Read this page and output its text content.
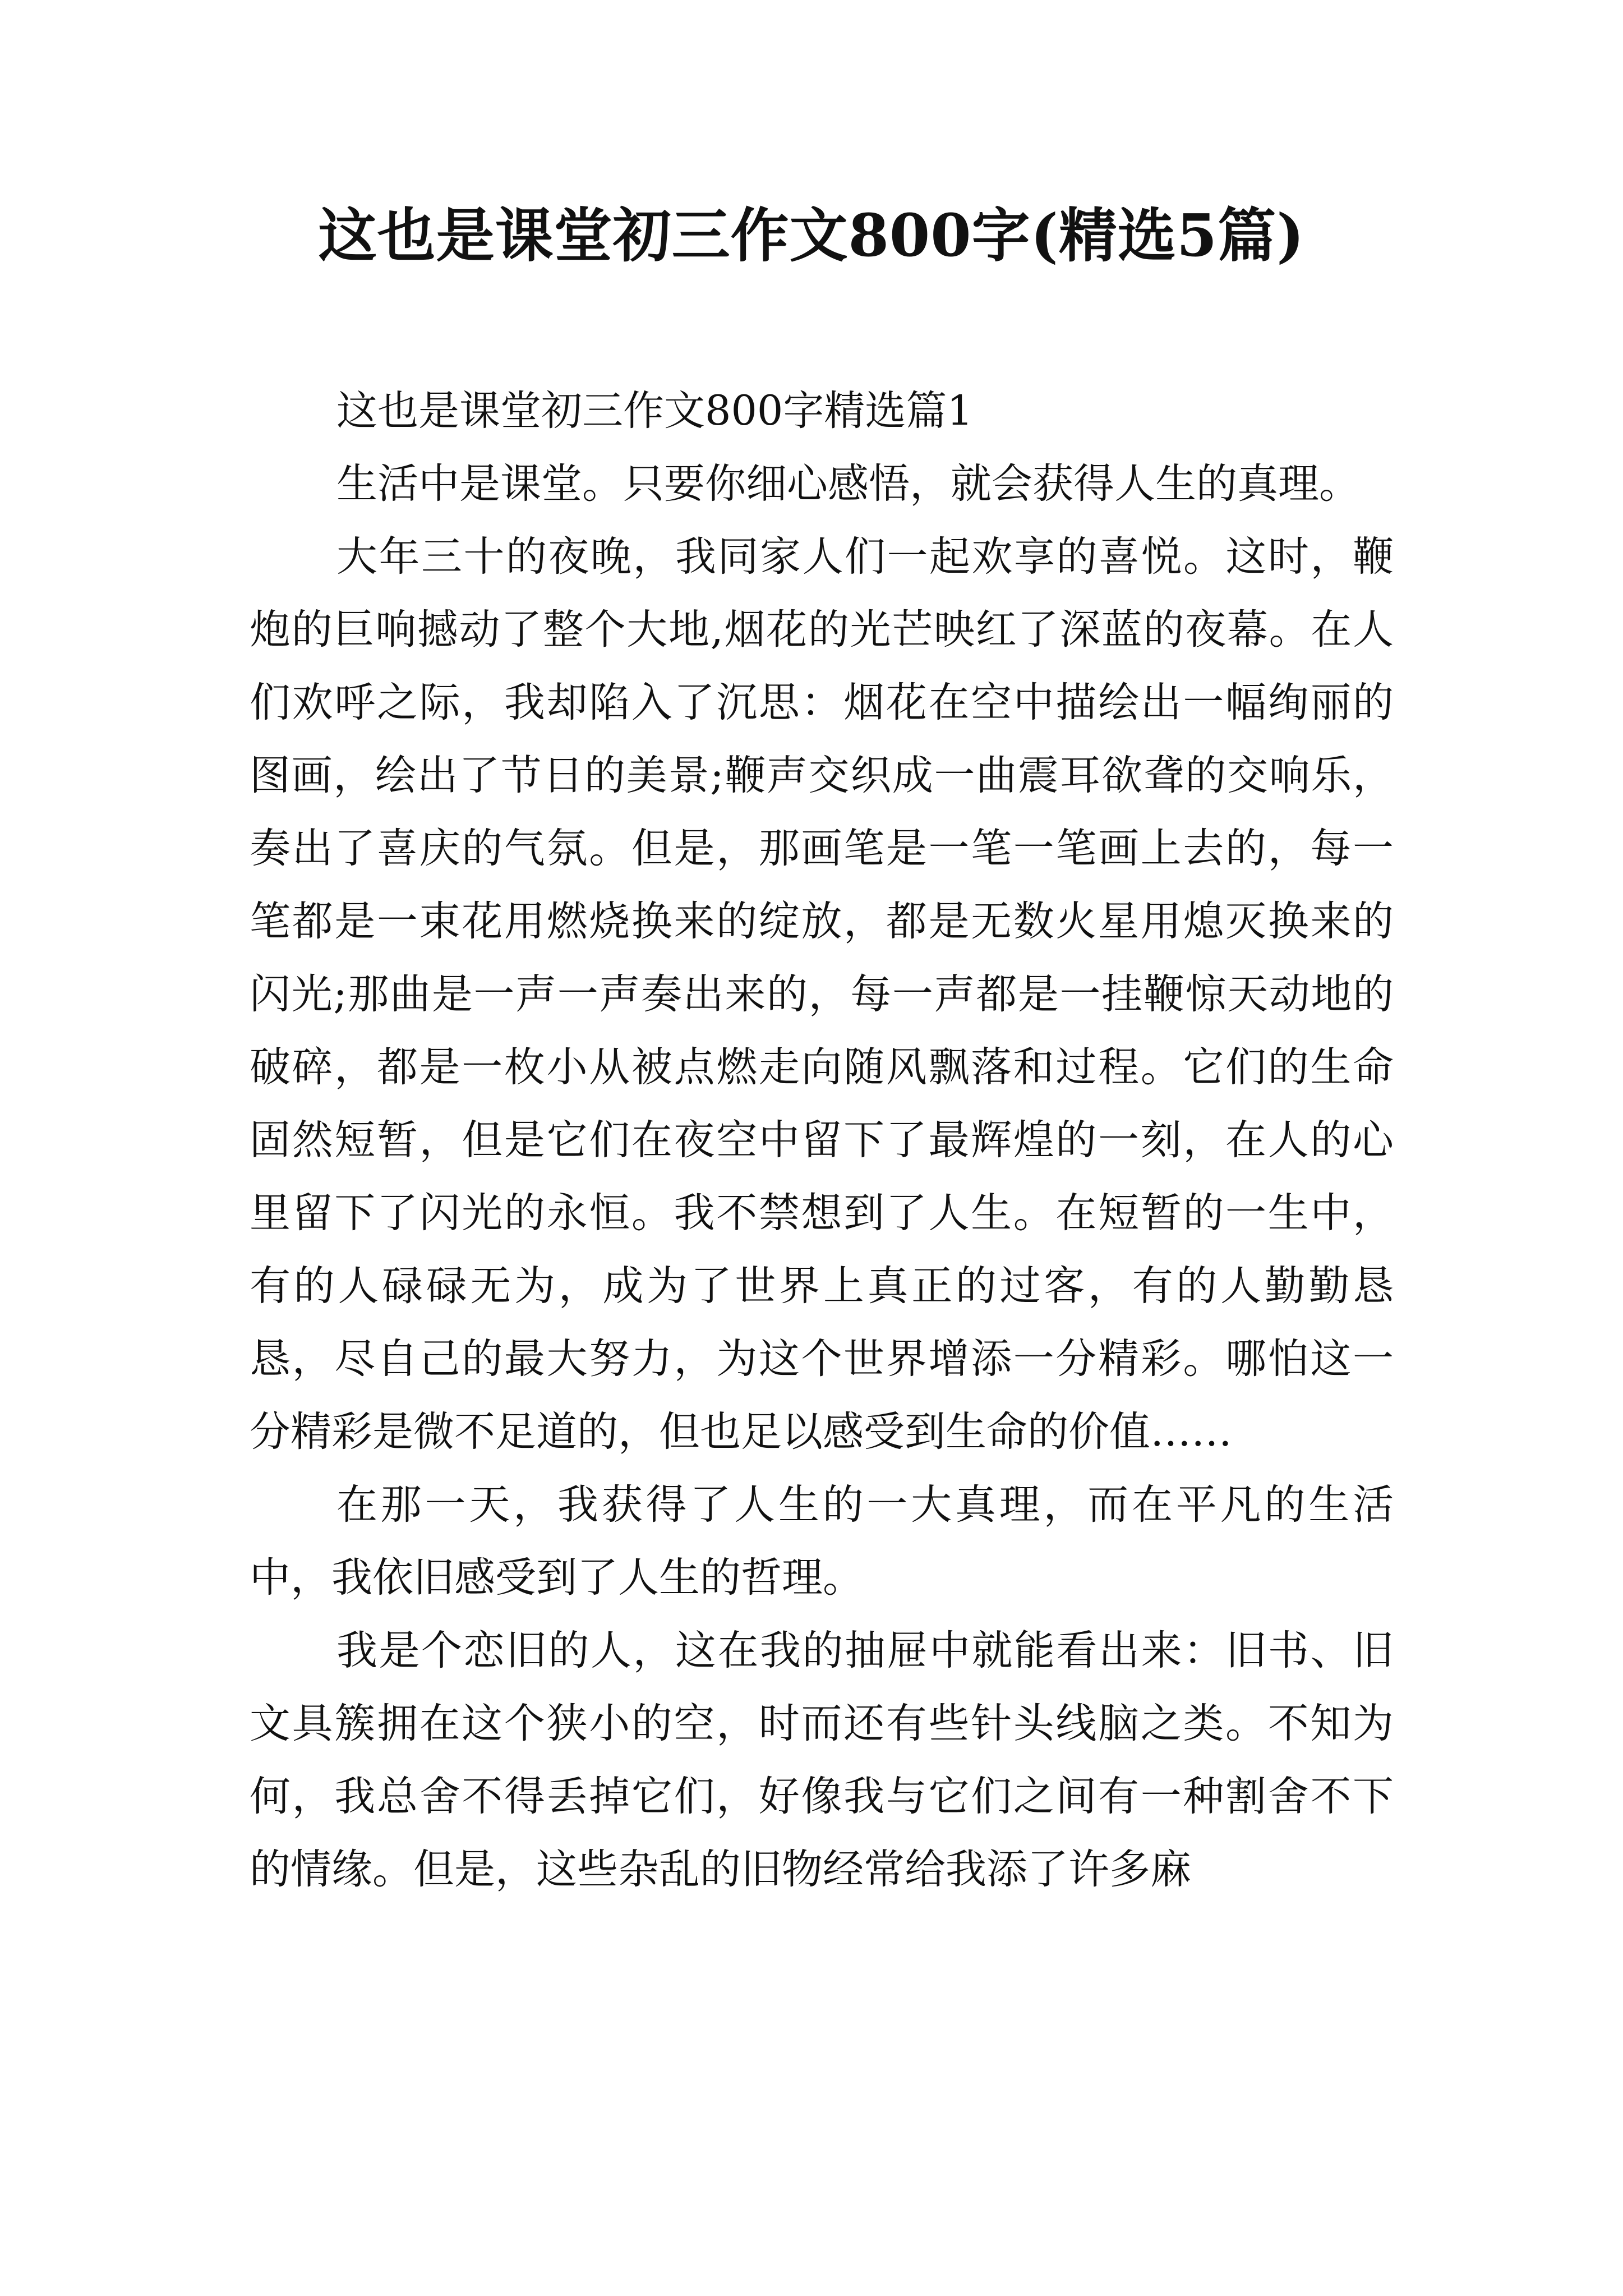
这也是课堂初三作文800字(精选5篇)

这也是课堂初三作文800字精选篇1

生活中是课堂。只要你细心感悟，就会获得人生的真理。

大年三十的夜晚，我同家人们一起欢享的喜悦。这时，鞭炮的巨响撼动了整个大地,烟花的光芒映红了深蓝的夜幕。在人们欢呼之际，我却陷入了沉思：烟花在空中描绘出一幅绚丽的图画，绘出了节日的美景;鞭声交织成一曲震耳欲聋的交响乐，奏出了喜庆的气氛。但是，那画笔是一笔一笔画上去的，每一笔都是一束花用燃烧换来的绽放，都是无数火星用熄灭换来的闪光;那曲是一声一声奏出来的，每一声都是一挂鞭惊天动地的破碎，都是一枚小从被点燃走向随风飘落和过程。它们的生命固然短暂，但是它们在夜空中留下了最辉煌的一刻，在人的心里留下了闪光的永恒。我不禁想到了人生。在短暂的一生中，有的人碌碌无为，成为了世界上真正的过客，有的人勤勤恳恳，尽自己的最大努力，为这个世界增添一分精彩。哪怕这一分精彩是微不足道的，但也足以感受到生命的价值……

在那一天，我获得了人生的一大真理，而在平凡的生活中，我依旧感受到了人生的哲理。

我是个恋旧的人，这在我的抽屉中就能看出来：旧书、旧文具簇拥在这个狭小的空，时而还有些针头线脑之类。不知为何，我总舍不得丢掉它们，好像我与它们之间有一种割舍不下的情缘。但是，这些杂乱的旧物经常给我添了许多麻
